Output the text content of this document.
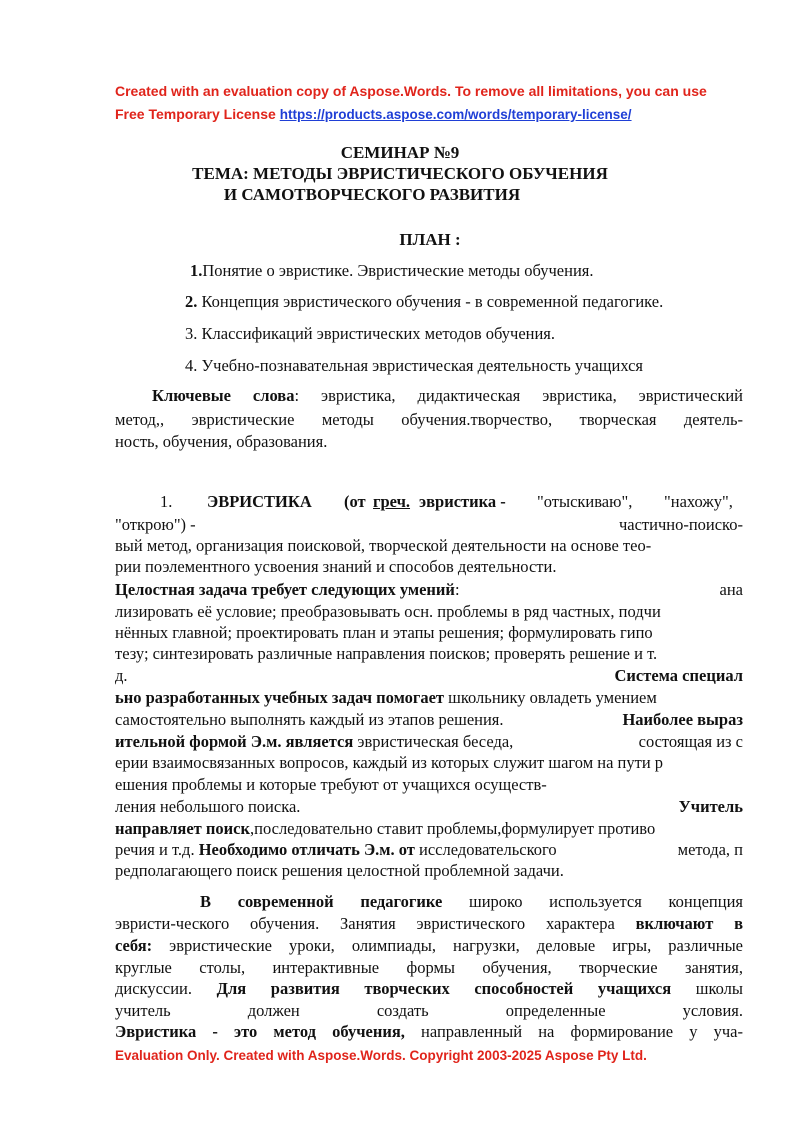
Created with an evaluation copy of Aspose.Words. To remove all limitations, you can use
Free Temporary License https://products.aspose.com/words/temporary-license/
СЕМИНАР №9
ТЕМА: МЕТОДЫ ЭВРИСТИЧЕСКОГО ОБУЧЕНИЯ
И САМОТВОРЧЕСКОГО РАЗВИТИЯ
ПЛАН :
1.Понятие о эвристике. Эвристические методы обучения.
2. Концепция эвристического обучения - в современной педагогике.
3. Классификаций эвристических методов обучения.
4. Учебно-познавательная эвристическая деятельность учащихся
Ключевые слова: эвристика, дидактическая эвристика, эвристический
метод,, эвристические методы обучения.творчество, творческая деятель-
ность, обучения, образования.
1. ЭВРИСТИКА (от греч. эвристика - "отыскиваю", "нахожу",
"открою") -	частично-поиско-
вый метод, организация поисковой, творческой деятельности на основе тео-
рии поэлементного усвоения знаний и способов деятельности.
Целостная задача требует следующих умений:	ана
лизировать её условие; преобразовывать осн. проблемы в ряд частных, подчи
нённых главной; проектировать план и этапы решения; формулировать гипо
тезу; синтезировать различные направления поисков; проверять решение и т.
д.	Система специал
ьно разработанных учебных задач помогает школьнику овладеть умением
самостоятельно выполнять каждый из этапов решения.	Наиболее выраз
ительной формой Э.м. является эвристическая беседа,	состоящая из с
ерии взаимосвязанных вопросов, каждый из которых служит шагом на пути р
ешения проблемы и которые требуют от учащихся осуществ-
ления небольшого поиска.	Учитель
направляет поиск,последовательно ставит проблемы,формулирует противо
речия и т.д. Необходимо отличать Э.м. от исследовательского	метода, п
редполагающего поиск решения целостной проблемной задачи.
В современной педагогике широко используется концепция
эвристи-ческого обучения. Занятия эвристического характера включают в
себя: эвристические уроки, олимпиады, нагрузки, деловые игры, различные
круглые столы, интерактивные формы обучения, творческие занятия,
дискуссии. Для развития творческих способностей учащихся школы
учитель должен создать определенные условия.
Эвристика - это метод обучения, направленный на формирование у уча-
Evaluation Only. Created with Aspose.Words. Copyright 2003-2025 Aspose Pty Ltd.
